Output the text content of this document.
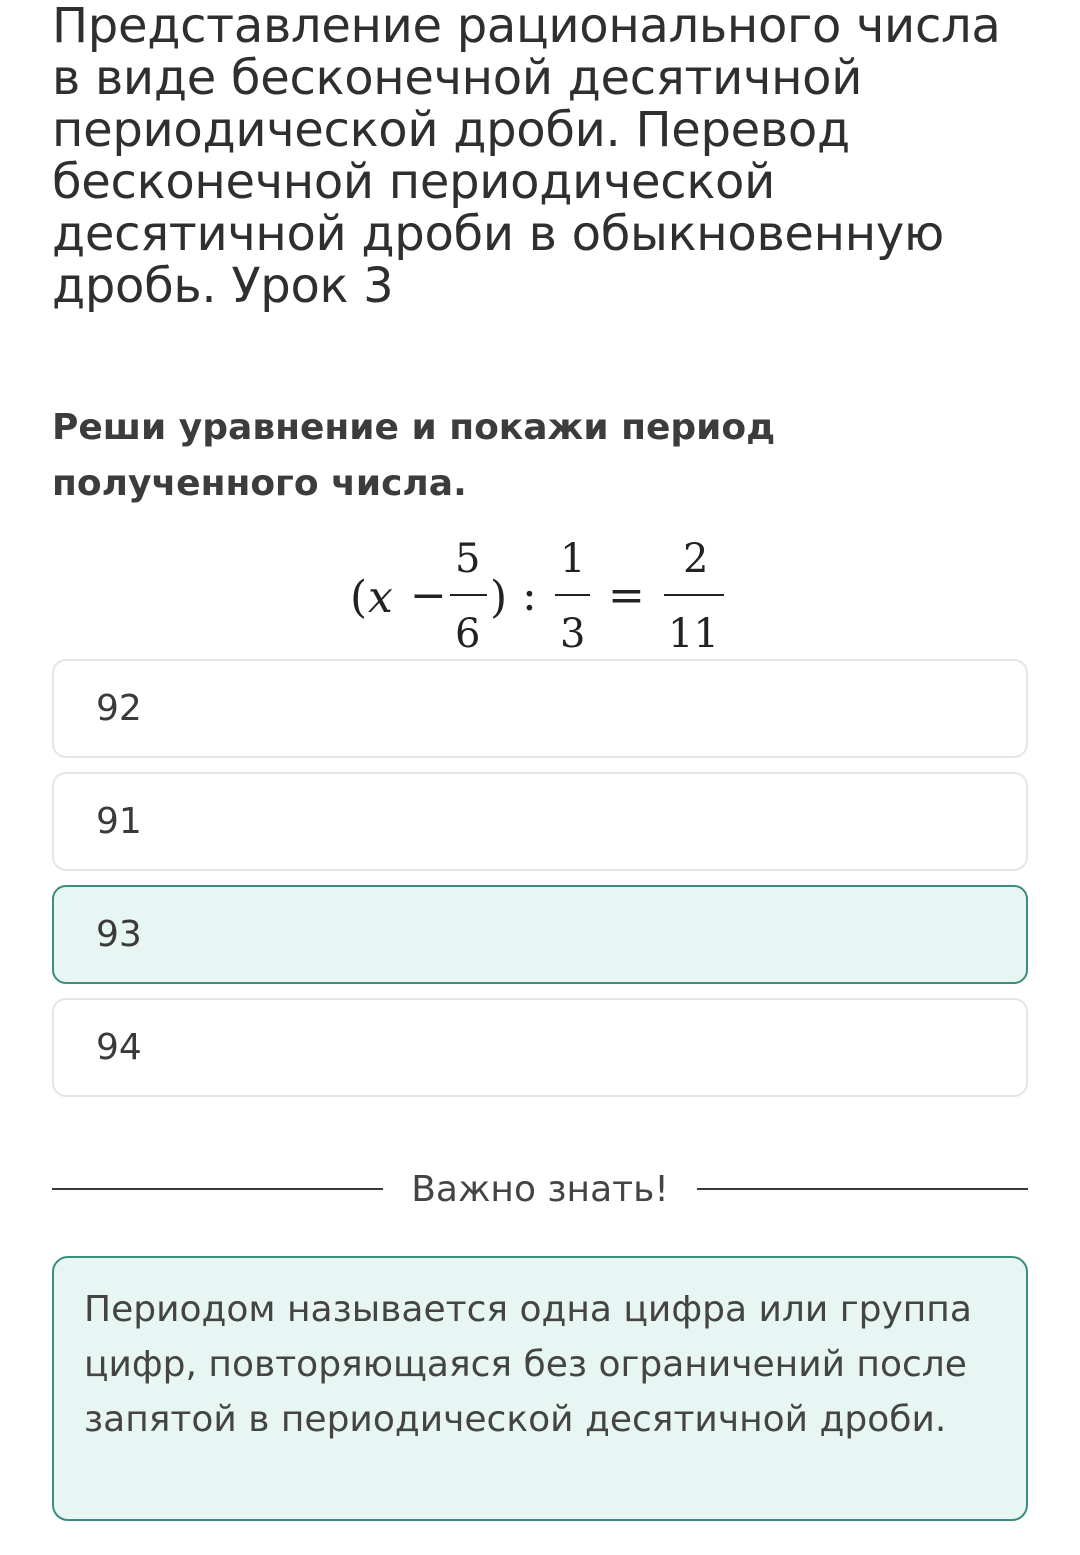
Представление рационального числа в виде бесконечной десятичной периодической дроби. Перевод бесконечной периодической десятичной дроби в обыкновенную дробь. Урок 3

Реши уравнение и покажи период полученного числа.

( x −
5
6
) :
1
3
=
2
11
92
91
93
94
Важно знать!

Периодом называется одна цифра или группа цифр, повторяющаяся без ограничений после запятой в периодической десятичной дроби.
